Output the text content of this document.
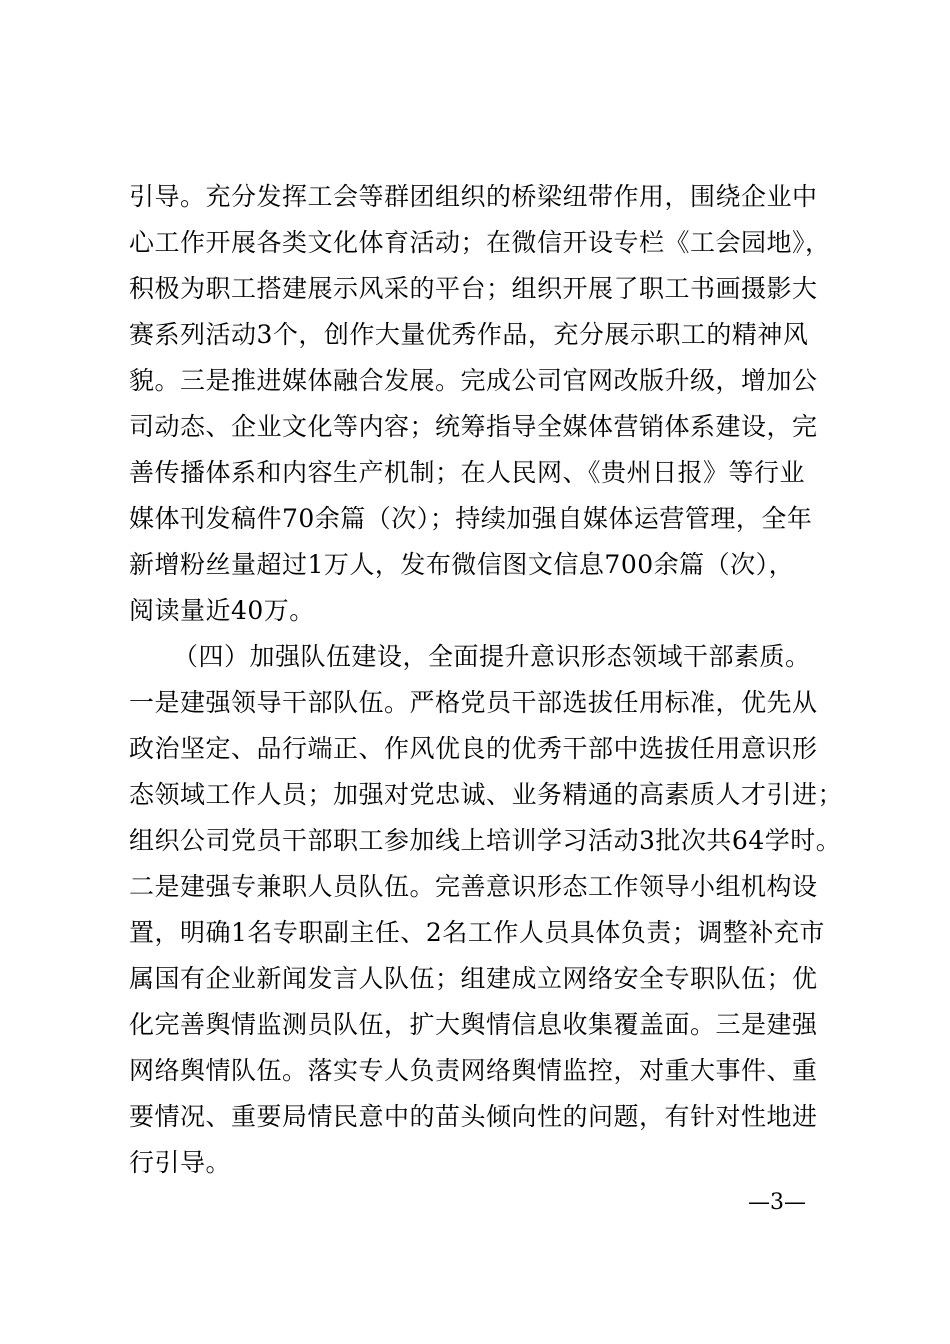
引导。充分发挥工会等群团组织的桥梁纽带作用，围绕企业中
心工作开展各类文化体育活动；在微信开设专栏《工会园地》，
积极为职工搭建展示风采的平台；组织开展了职工书画摄影大
赛系列活动3个，创作大量优秀作品，充分展示职工的精神风
貌。三是推进媒体融合发展。完成公司官网改版升级，增加公
司动态、企业文化等内容；统筹指导全媒体营销体系建设，完
善传播体系和内容生产机制；在人民网、《贵州日报》等行业
媒体刊发稿件70余篇（次）；持续加强自媒体运营管理，全年
新增粉丝量超过1万人，发布微信图文信息700余篇（次），
阅读量近40万。
（四）加强队伍建设，全面提升意识形态领域干部素质。
一是建强领导干部队伍。严格党员干部选拔任用标准，优先从
政治坚定、品行端正、作风优良的优秀干部中选拔任用意识形
态领域工作人员；加强对党忠诚、业务精通的高素质人才引进；
组织公司党员干部职工参加线上培训学习活动3批次共64学时。
二是建强专兼职人员队伍。完善意识形态工作领导小组机构设
置，明确1名专职副主任、2名工作人员具体负责；调整补充市
属国有企业新闻发言人队伍；组建成立网络安全专职队伍；优
化完善舆情监测员队伍，扩大舆情信息收集覆盖面。三是建强
网络舆情队伍。落实专人负责网络舆情监控，对重大事件、重
要情况、重要局情民意中的苗头倾向性的问题，有针对性地进
行引导。
—3—
